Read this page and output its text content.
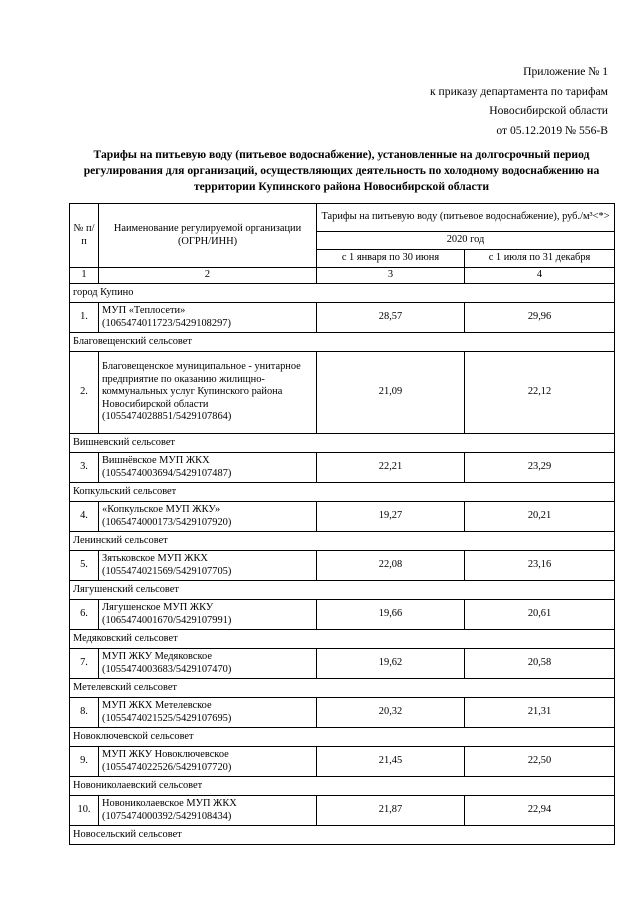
Приложение № 1
к приказу департамента по тарифам
Новосибирской области
от 05.12.2019 № 556-В
Тарифы на питьевую воду (питьевое водоснабжение), установленные на долгосрочный период регулирования для организаций, осуществляющих деятельность по холодному водоснабжению на территории Купинского района Новосибирской области
№ п/п	Наименование регулируемой организации (ОГРН/ИНН)	Тарифы на питьевую воду (питьевое водоснабжение), руб./м³<*>	
		2020 год	
		с 1 января по 30 июня	с 1 июля по 31 декабря
1	2	3	4
город Купино			
1.	МУП «Теплосети» (1065474011723/5429108297)	28,57	29,96
Благовещенский сельсовет			
2.	Благовещенское муниципальное - унитарное предприятие по оказанию жилищно-коммунальных услуг Купинского района Новосибирской области (1055474028851/5429107864)	21,09	22,12
Вишневский сельсовет			
3.	Вишнёвское МУП ЖКХ (1055474003694/5429107487)	22,21	23,29
Копкульский сельсовет			
4.	«Копкульское МУП ЖКУ» (1065474000173/5429107920)	19,27	20,21
Ленинский сельсовет			
5.	Зятьковское МУП ЖКХ (1055474021569/5429107705)	22,08	23,16
Лягушенский сельсовет			
6.	Лягушенское МУП ЖКУ (1065474001670/5429107991)	19,66	20,61
Медяковский сельсовет			
7.	МУП ЖКУ Медяковское (1055474003683/5429107470)	19,62	20,58
Метелевский сельсовет			
8.	МУП ЖКХ Метелевское (1055474021525/5429107695)	20,32	21,31
Новоключевской сельсовет			
9.	МУП ЖКУ Новоключевское (1055474022526/5429107720)	21,45	22,50
Новониколаевский сельсовет			
10.	Новониколаевское МУП ЖКХ (1075474000392/5429108434)	21,87	22,94
Новосельский сельсовет			
